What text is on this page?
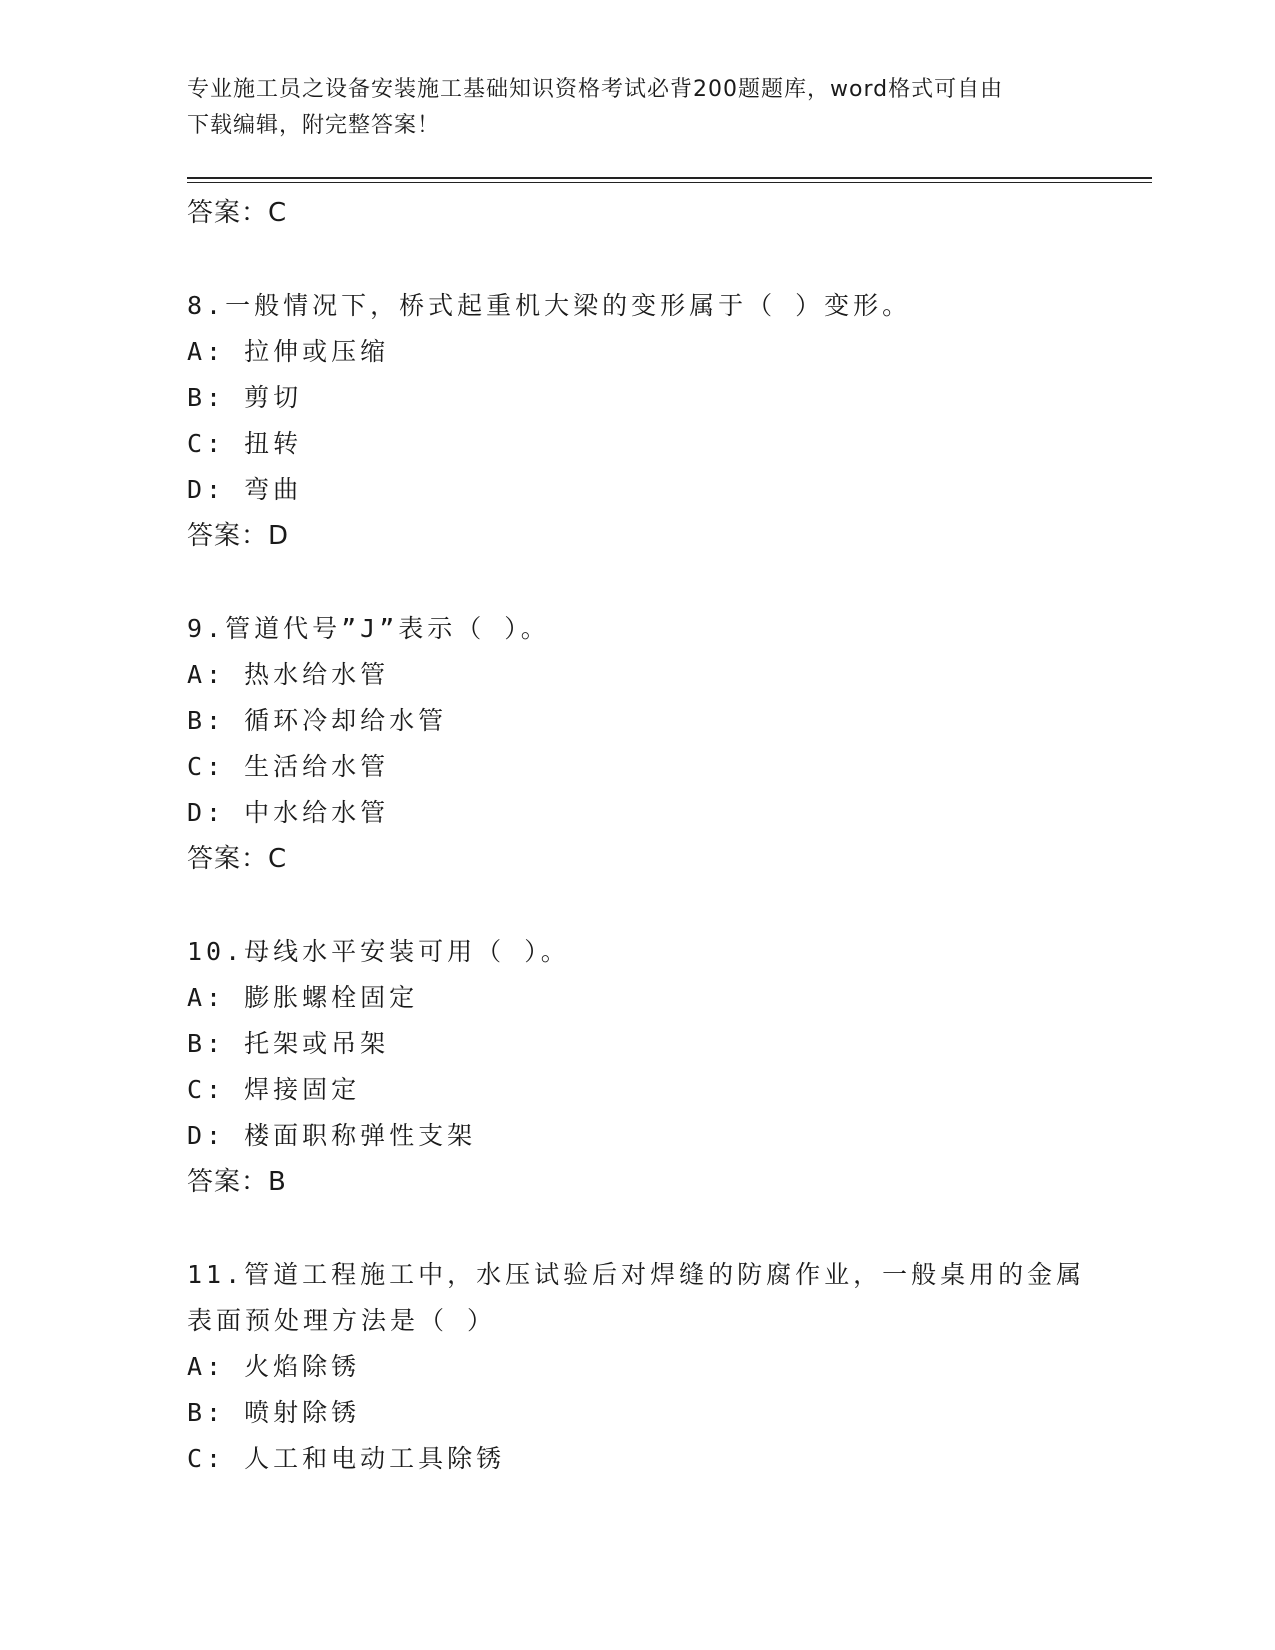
专业施工员之设备安装施工基础知识资格考试必背200题题库，word格式可自由
下载编辑，附完整答案！
答案：C
8.一般情况下，桥式起重机大梁的变形属于（ ）变形。
A: 拉伸或压缩
B: 剪切
C: 扭转
D: 弯曲
答案：D
9.管道代号”J”表示（ ）。
A: 热水给水管
B: 循环冷却给水管
C: 生活给水管
D: 中水给水管
答案：C
10.母线水平安装可用（ ）。
A: 膨胀螺栓固定
B: 托架或吊架
C: 焊接固定
D: 楼面职称弹性支架
答案：B
11.管道工程施工中，水压试验后对焊缝的防腐作业，一般桌用的金属
表面预处理方法是（ ）
A: 火焰除锈
B: 喷射除锈
C: 人工和电动工具除锈
